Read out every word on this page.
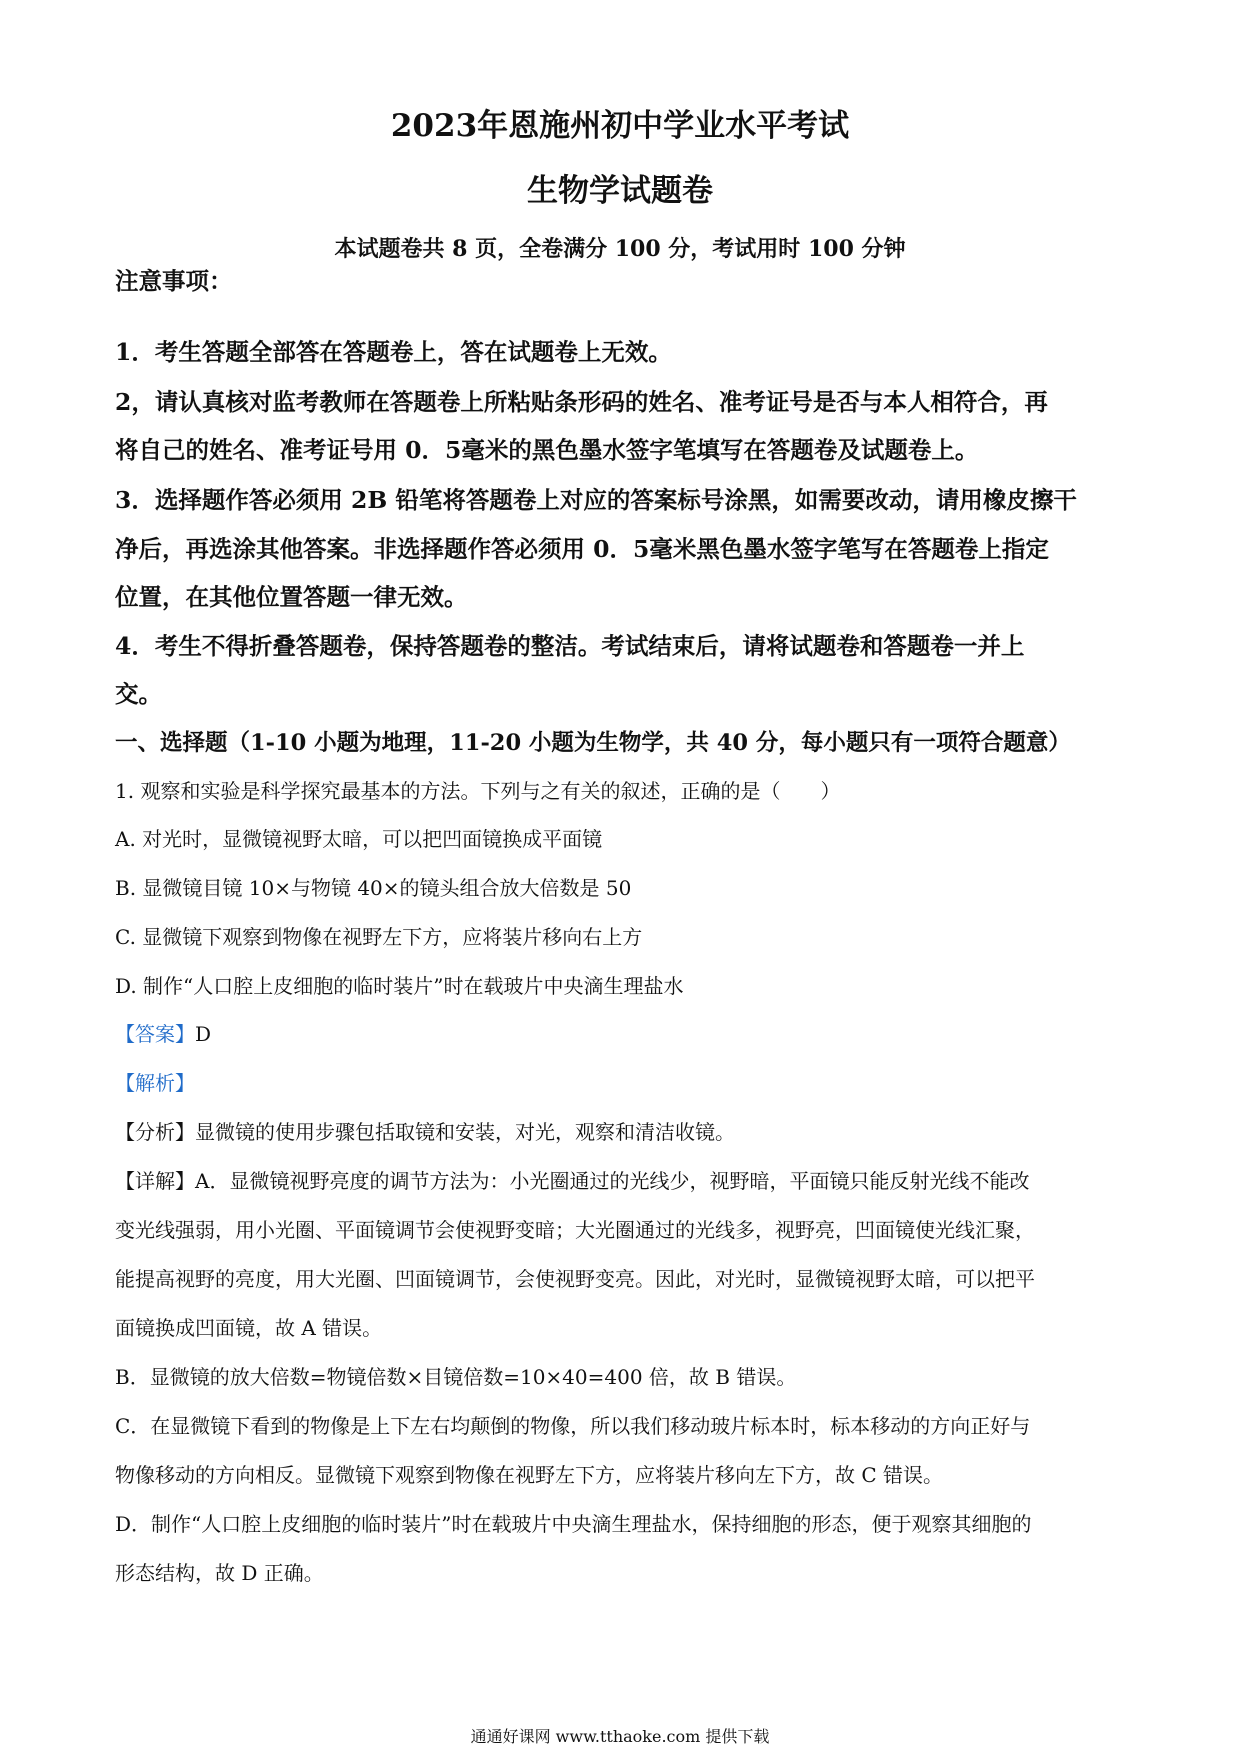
2023年恩施州初中学业水平考试
生物学试题卷
本试题卷共 8 页，全卷满分 100 分，考试用时 100 分钟
注意事项：
1．考生答题全部答在答题卷上，答在试题卷上无效。
2，请认真核对监考教师在答题卷上所粘贴条形码的姓名、准考证号是否与本人相符合，再
将自己的姓名、准考证号用 0．5毫米的黑色墨水签字笔填写在答题卷及试题卷上。
3．选择题作答必须用 2B 铅笔将答题卷上对应的答案标号涂黑，如需要改动，请用橡皮擦干
净后，再选涂其他答案。非选择题作答必须用 0．5毫米黑色墨水签字笔写在答题卷上指定
位置，在其他位置答题一律无效。
4．考生不得折叠答题卷，保持答题卷的整洁。考试结束后，请将试题卷和答题卷一并上
交。
一、选择题（1-10 小题为地理，11-20 小题为生物学，共 40 分，每小题只有一项符合题意）
1. 观察和实验是科学探究最基本的方法。下列与之有关的叙述，正确的是（　　）
A. 对光时，显微镜视野太暗，可以把凹面镜换成平面镜
B. 显微镜目镜 10×与物镜 40×的镜头组合放大倍数是 50
C. 显微镜下观察到物像在视野左下方，应将装片移向右上方
D. 制作“人口腔上皮细胞的临时装片”时在载玻片中央滴生理盐水
【答案】D
【解析】
【分析】显微镜的使用步骤包括取镜和安装，对光，观察和清洁收镜。
【详解】A．显微镜视野亮度的调节方法为：小光圈通过的光线少，视野暗，平面镜只能反射光线不能改
变光线强弱，用小光圈、平面镜调节会使视野变暗；大光圈通过的光线多，视野亮，凹面镜使光线汇聚，
能提高视野的亮度，用大光圈、凹面镜调节，会使视野变亮。因此，对光时，显微镜视野太暗，可以把平
面镜换成凹面镜，故 A 错误。
B．显微镜的放大倍数=物镜倍数×目镜倍数=10×40=400 倍，故 B 错误。
C．在显微镜下看到的物像是上下左右均颠倒的物像，所以我们移动玻片标本时，标本移动的方向正好与
物像移动的方向相反。显微镜下观察到物像在视野左下方，应将装片移向左下方，故 C 错误。
D．制作“人口腔上皮细胞的临时装片”时在载玻片中央滴生理盐水，保持细胞的形态，便于观察其细胞的
形态结构，故 D 正确。
通通好课网 www.tthaoke.com 提供下载
